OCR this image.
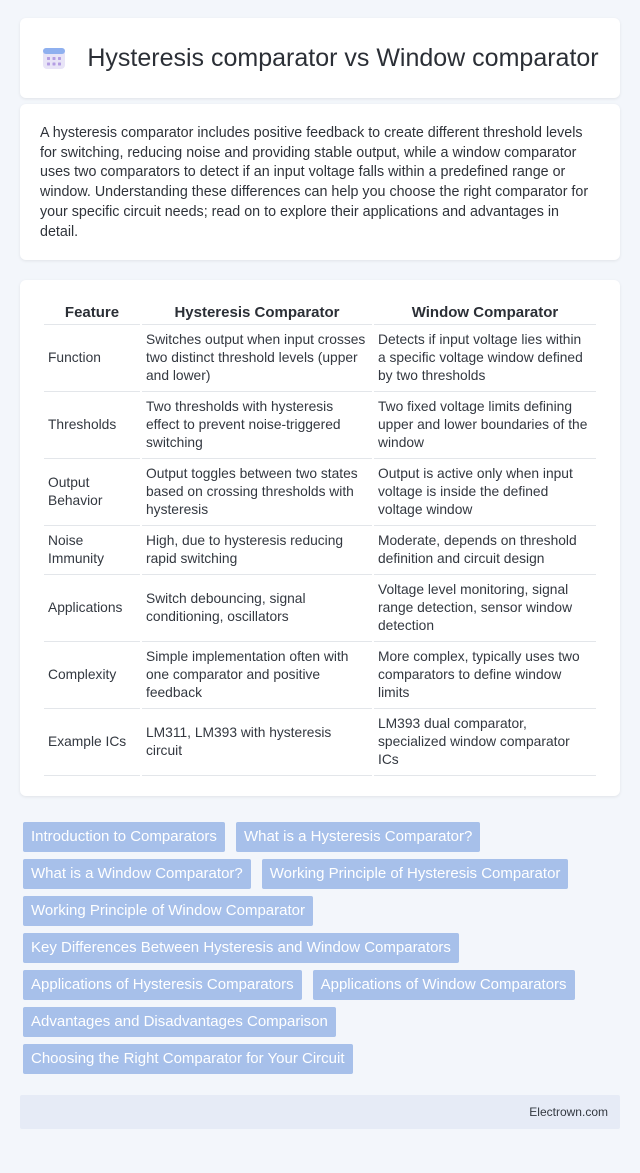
Hysteresis comparator vs Window comparator
A hysteresis comparator includes positive feedback to create different threshold levels for switching, reducing noise and providing stable output, while a window comparator uses two comparators to detect if an input voltage falls within a predefined range or window. Understanding these differences can help you choose the right comparator for your specific circuit needs; read on to explore their applications and advantages in detail.
Feature	Hysteresis Comparator	Window Comparator
Function	Switches output when input crosses two distinct threshold levels (upper and lower)	Detects if input voltage lies within a specific voltage window defined by two thresholds
Thresholds	Two thresholds with hysteresis effect to prevent noise-triggered switching	Two fixed voltage limits defining upper and lower boundaries of the window
Output Behavior	Output toggles between two states based on crossing thresholds with hysteresis	Output is active only when input voltage is inside the defined voltage window
Noise Immunity	High, due to hysteresis reducing rapid switching	Moderate, depends on threshold definition and circuit design
Applications	Switch debouncing, signal conditioning, oscillators	Voltage level monitoring, signal range detection, sensor window detection
Complexity	Simple implementation often with one comparator and positive feedback	More complex, typically uses two comparators to define window limits
Example ICs	LM311, LM393 with hysteresis circuit	LM393 dual comparator, specialized window comparator ICs
Introduction to Comparators	What is a Hysteresis Comparator?
What is a Window Comparator?	Working Principle of Hysteresis Comparator
Working Principle of Window Comparator
Key Differences Between Hysteresis and Window Comparators
Applications of Hysteresis Comparators	Applications of Window Comparators
Advantages and Disadvantages Comparison
Choosing the Right Comparator for Your Circuit
Electrown.com
